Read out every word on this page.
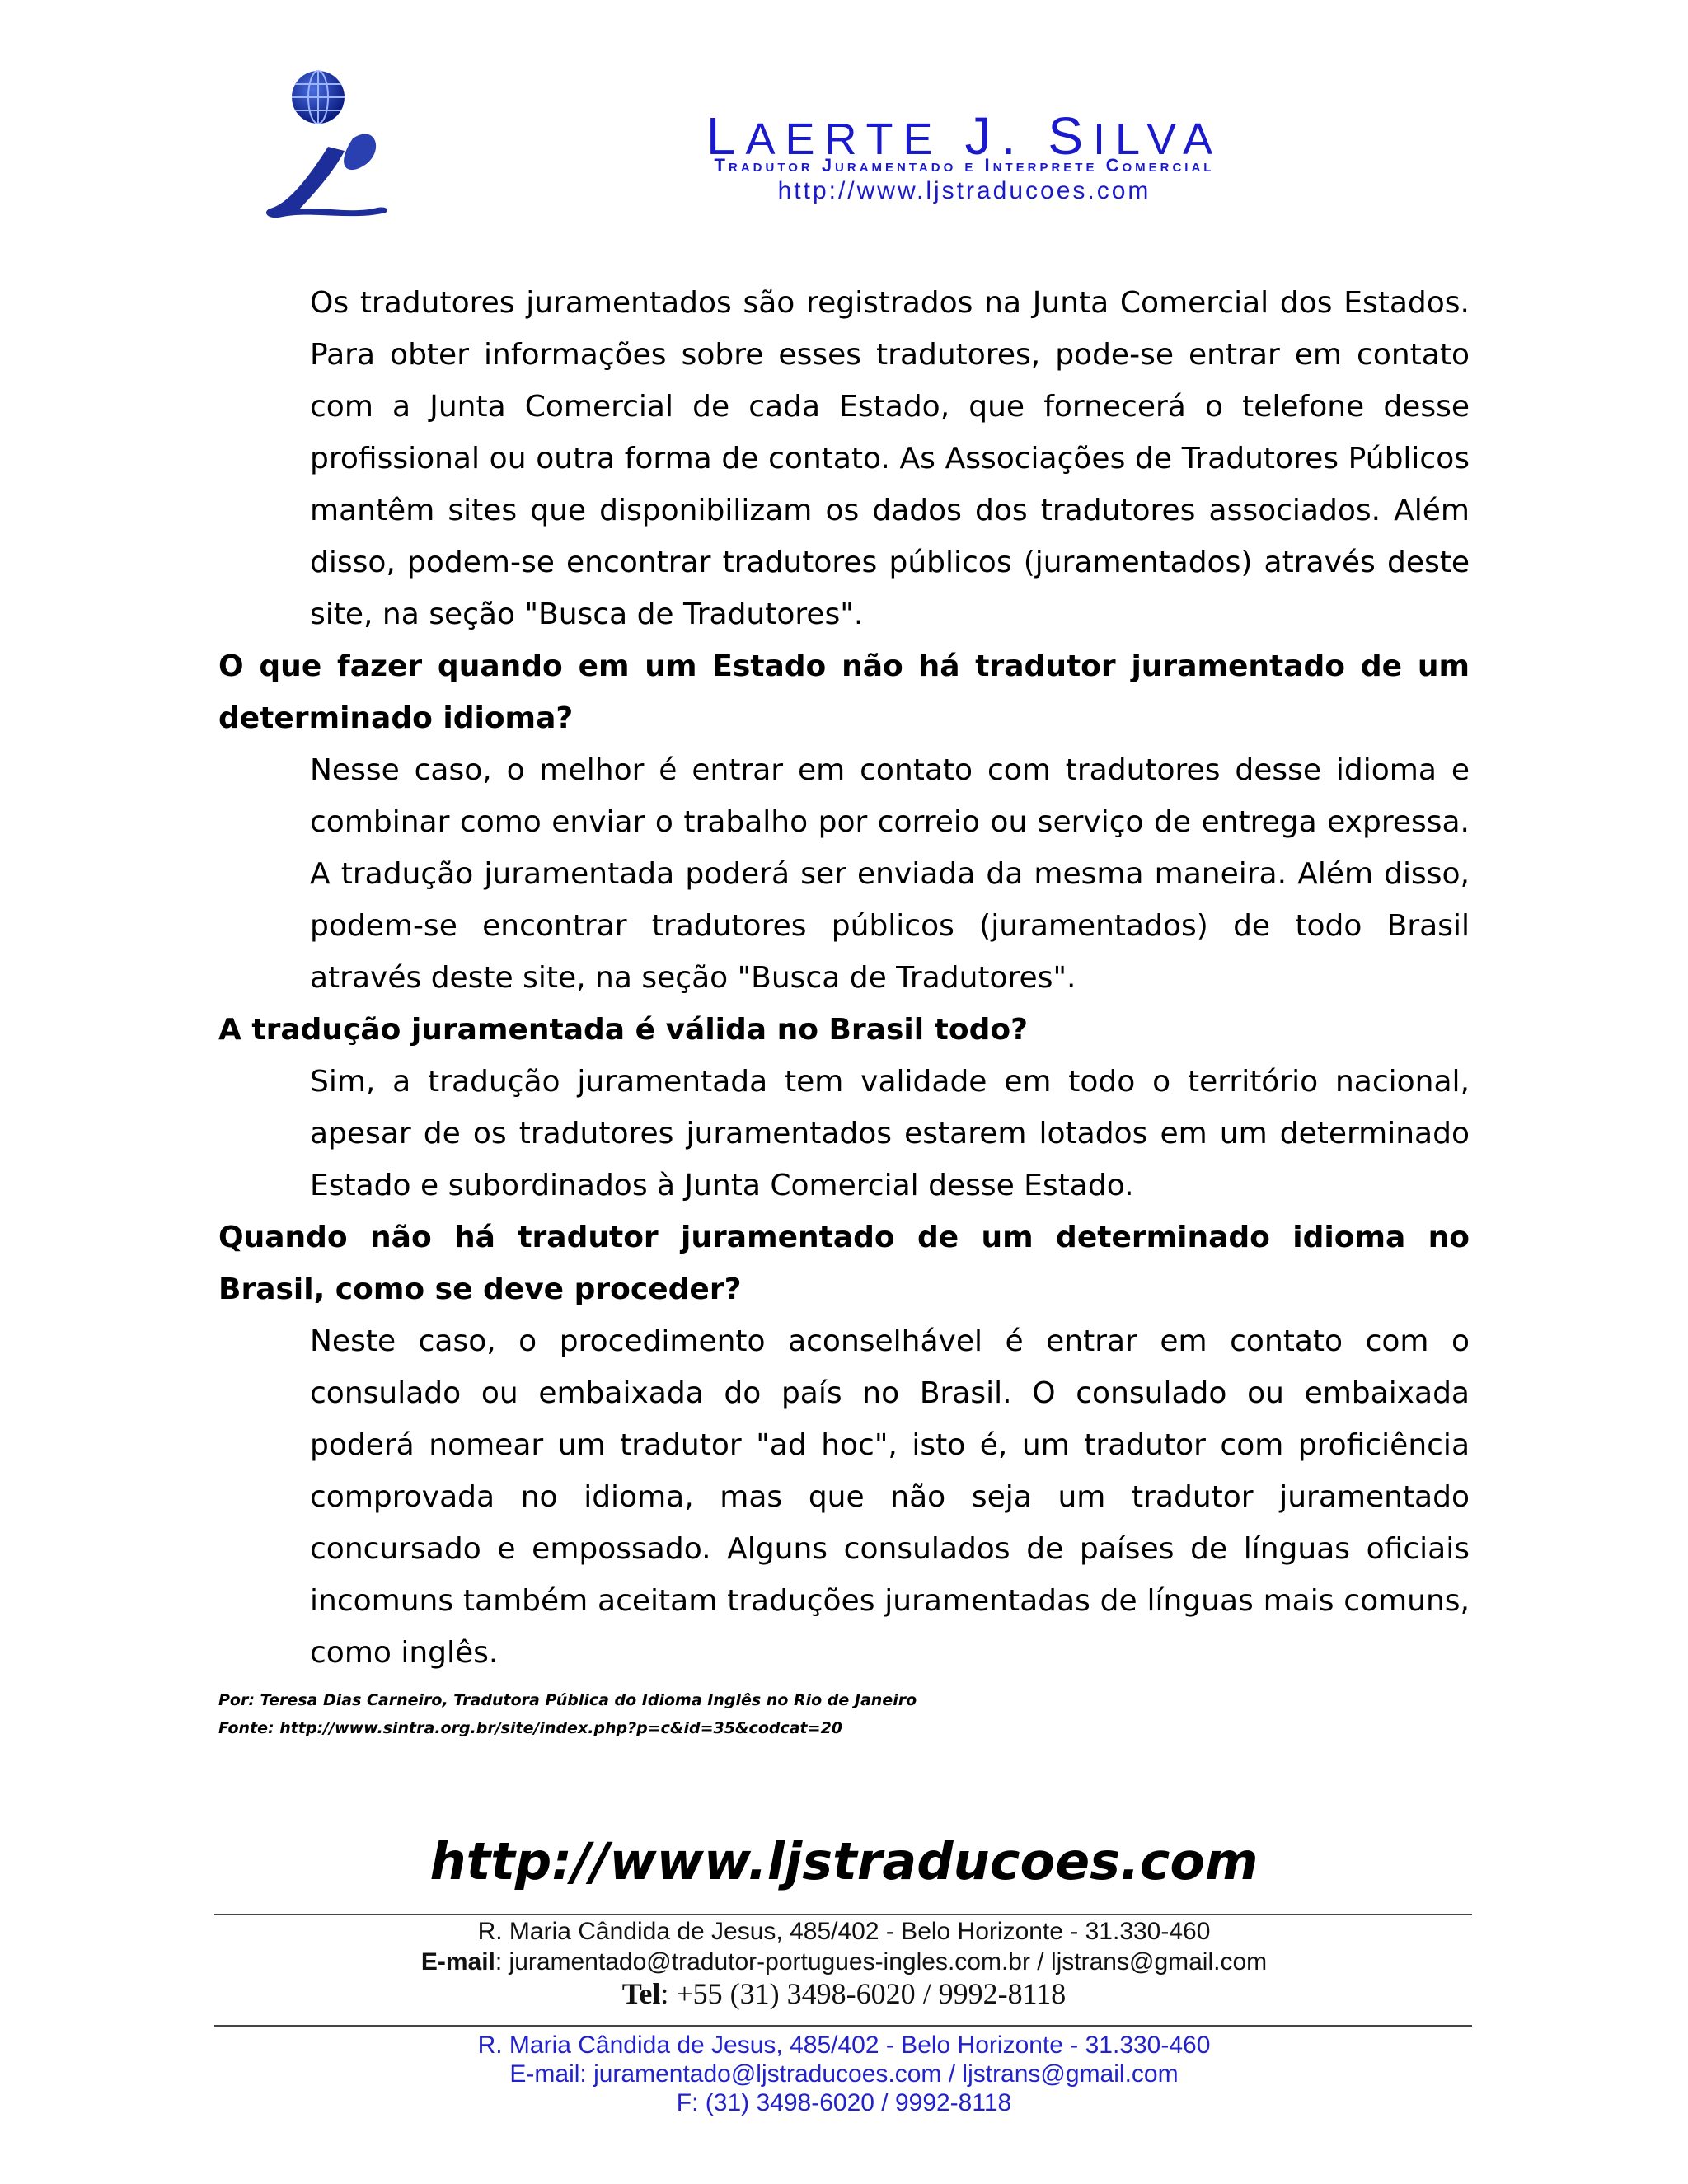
LAERTE J. SILVA
Tradutor Juramentado e Interprete Comercial
http://www.ljstraducoes.com

Os tradutores juramentados são registrados na Junta Comercial dos Estados. Para obter informações sobre esses tradutores, pode-se entrar em contato com a Junta Comercial de cada Estado, que fornecerá o telefone desse profissional ou outra forma de contato. As Associações de Tradutores Públicos mantêm sites que disponibilizam os dados dos tradutores associados. Além disso, podem-se encontrar tradutores públicos (juramentados) através deste site, na seção "Busca de Tradutores".

O que fazer quando em um Estado não há tradutor juramentado de um determinado idioma?

Nesse caso, o melhor é entrar em contato com tradutores desse idioma e combinar como enviar o trabalho por correio ou serviço de entrega expressa. A tradução juramentada poderá ser enviada da mesma maneira. Além disso, podem-se encontrar tradutores públicos (juramentados) de todo Brasil através deste site, na seção "Busca de Tradutores".

A tradução juramentada é válida no Brasil todo?

Sim, a tradução juramentada tem validade em todo o território nacional, apesar de os tradutores juramentados estarem lotados em um determinado Estado e subordinados à Junta Comercial desse Estado.

Quando não há tradutor juramentado de um determinado idioma no Brasil, como se deve proceder?

Neste caso, o procedimento aconselhável é entrar em contato com o consulado ou embaixada do país no Brasil. O consulado ou embaixada poderá nomear um tradutor "ad hoc", isto é, um tradutor com proficiência comprovada no idioma, mas que não seja um tradutor juramentado concursado e empossado. Alguns consulados de países de línguas oficiais incomuns também aceitam traduções juramentadas de línguas mais comuns, como inglês.

Por: Teresa Dias Carneiro, Tradutora Pública do Idioma Inglês no Rio de Janeiro
Fonte: http://www.sintra.org.br/site/index.php?p=c&id=35&codcat=20
http://www.ljstraducoes.com
R. Maria Cândida de Jesus, 485/402 - Belo Horizonte - 31.330-460
E-mail: juramentado@tradutor-portugues-ingles.com.br / ljstrans@gmail.com
Tel: +55 (31) 3498-6020 / 9992-8118
R. Maria Cândida de Jesus, 485/402 - Belo Horizonte - 31.330-460
E-mail: juramentado@ljstraducoes.com / ljstrans@gmail.com
F: (31) 3498-6020 / 9992-8118
